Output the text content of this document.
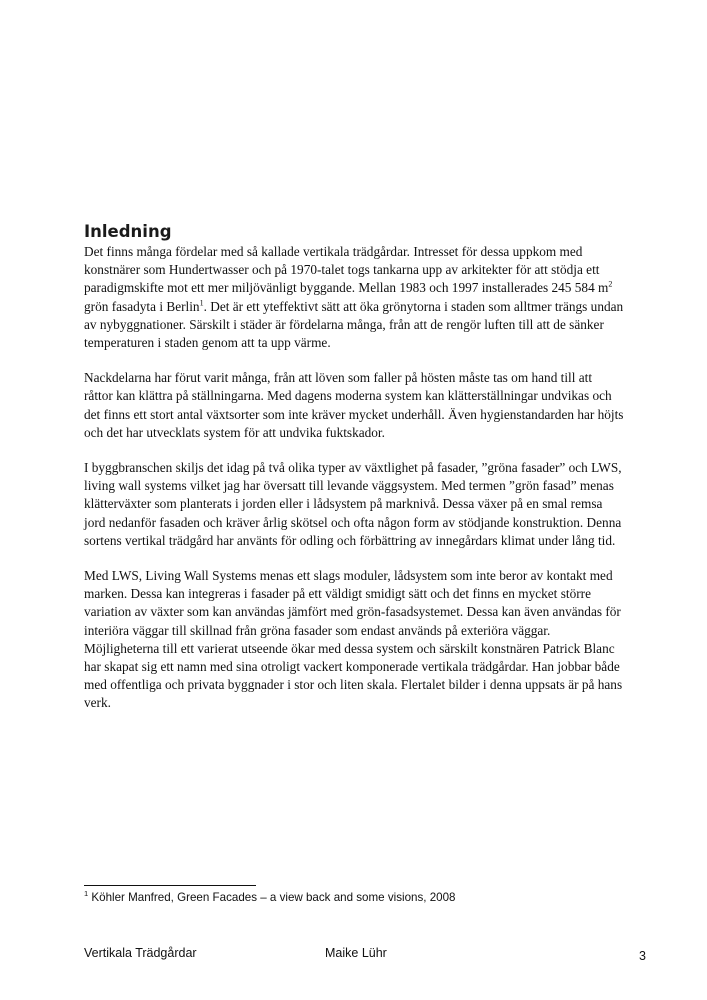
Inledning

Det finns många fördelar med så kallade vertikala trädgårdar. Intresset för dessa uppkom med konstnärer som Hundertwasser och på 1970-talet togs tankarna upp av arkitekter för att stödja ett paradigmskifte mot ett mer miljövänligt byggande. Mellan 1983 och 1997 installerades 245 584 $m^2$ grön fasadyta i Berlin$^1$. Det är ett yteffektivt sätt att öka grönytorna i staden som alltmer trängs undan av nybyggnationer. Särskilt i städer är fördelarna många, från att de rengör luften till att de sänker temperaturen i staden genom att ta upp värme.

Nackdelarna har förut varit många, från att löven som faller på hösten måste tas om hand till att råttor kan klättra på ställningarna. Med dagens moderna system kan klätterställningar undvikas och det finns ett stort antal växtsorter som inte kräver mycket underhåll. Även hygienstandarden har höjts och det har utvecklats system för att undvika fuktskador.

I byggbranschen skiljs det idag på två olika typer av växtlighet på fasader, ”gröna fasader” och LWS, living wall systems vilket jag har översatt till levande väggsystem. Med termen ”grön fasad” menas klätterväxter som planterats i jorden eller i lådsystem på marknivå. Dessa växer på en smal remsa jord nedanför fasaden och kräver årlig skötsel och ofta någon form av stödjande konstruktion. Denna sortens vertikal trädgård har använts för odling och förbättring av innegårdars klimat under lång tid.

Med LWS, Living Wall Systems menas ett slags moduler, lådsystem som inte beror av kontakt med marken. Dessa kan integreras i fasader på ett väldigt smidigt sätt och det finns en mycket större variation av växter som kan användas jämfört med grön-fasadsystemet. Dessa kan även användas för interiöra väggar till skillnad från gröna fasader som endast används på exteriöra väggar. Möjligheterna till ett varierat utseende ökar med dessa system och särskilt konstnären Patrick Blanc har skapat sig ett namn med sina otroligt vackert komponerade vertikala trädgårdar. Han jobbar både med offentliga och privata byggnader i stor och liten skala. Flertalet bilder i denna uppsats är på hans verk.

$^1$ Köhler Manfred, Green Facades – a view back and some visions, 2008
Vertikala Trädgårdar	Maike Lühr	3
